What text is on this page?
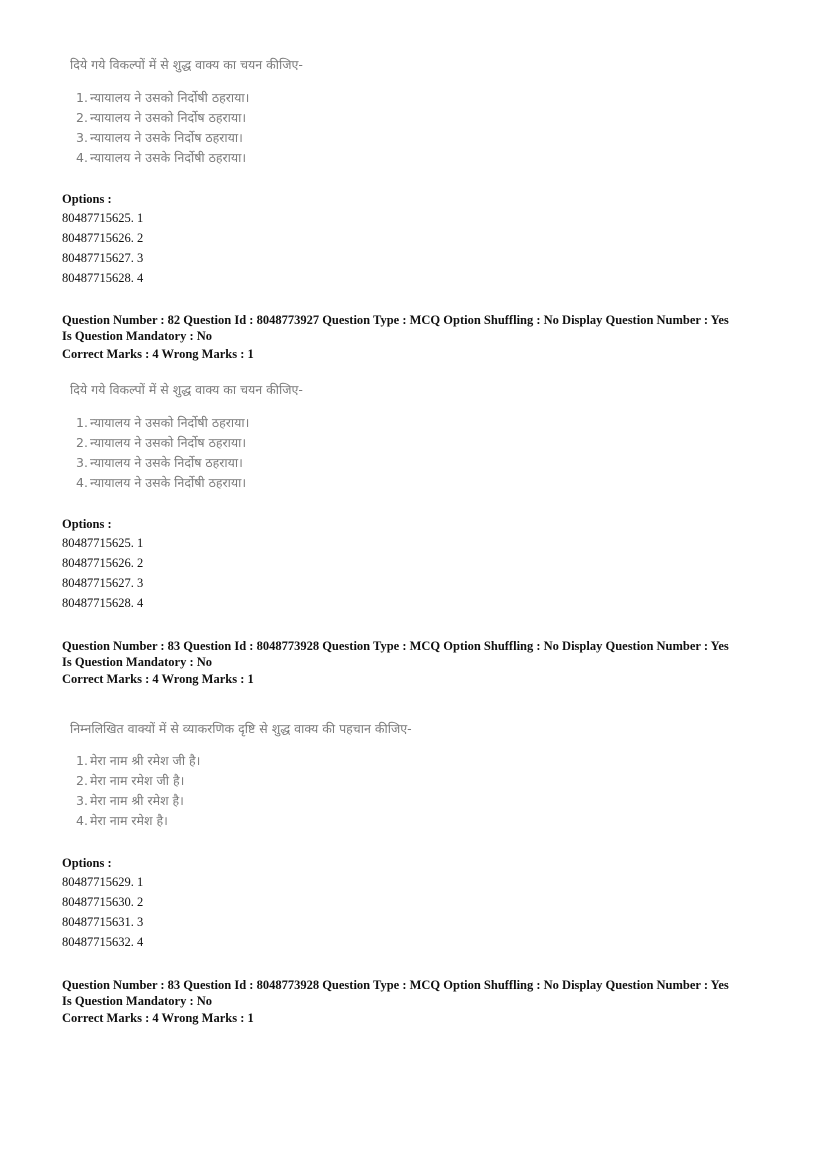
दिये गये विकल्पों में से शुद्ध वाक्य का चयन कीजिए-
1. न्यायालय ने उसको निर्दोषी ठहराया।
2. न्यायालय ने उसको निर्दोष ठहराया।
3. न्यायालय ने उसके निर्दोष ठहराया।
4. न्यायालय ने उसके निर्दोषी ठहराया।
Options :
80487715625. 1
80487715626. 2
80487715627. 3
80487715628. 4
Question Number : 82 Question Id : 8048773927 Question Type : MCQ Option Shuffling : No Display Question Number : Yes
Is Question Mandatory : No
Correct Marks : 4 Wrong Marks : 1
दिये गये विकल्पों में से शुद्ध वाक्य का चयन कीजिए-
1. न्यायालय ने उसको निर्दोषी ठहराया।
2. न्यायालय ने उसको निर्दोष ठहराया।
3. न्यायालय ने उसके निर्दोष ठहराया।
4. न्यायालय ने उसके निर्दोषी ठहराया।
Options :
80487715625. 1
80487715626. 2
80487715627. 3
80487715628. 4
Question Number : 83 Question Id : 8048773928 Question Type : MCQ Option Shuffling : No Display Question Number : Yes
Is Question Mandatory : No
Correct Marks : 4 Wrong Marks : 1
निम्नलिखित वाक्यों में से व्याकरणिक दृष्टि से शुद्ध वाक्य की पहचान कीजिए-
1. मेरा नाम श्री रमेश जी है।
2. मेरा नाम रमेश जी है।
3. मेरा नाम श्री रमेश है।
4. मेरा नाम रमेश है।
Options :
80487715629. 1
80487715630. 2
80487715631. 3
80487715632. 4
Question Number : 83 Question Id : 8048773928 Question Type : MCQ Option Shuffling : No Display Question Number : Yes
Is Question Mandatory : No
Correct Marks : 4 Wrong Marks : 1
